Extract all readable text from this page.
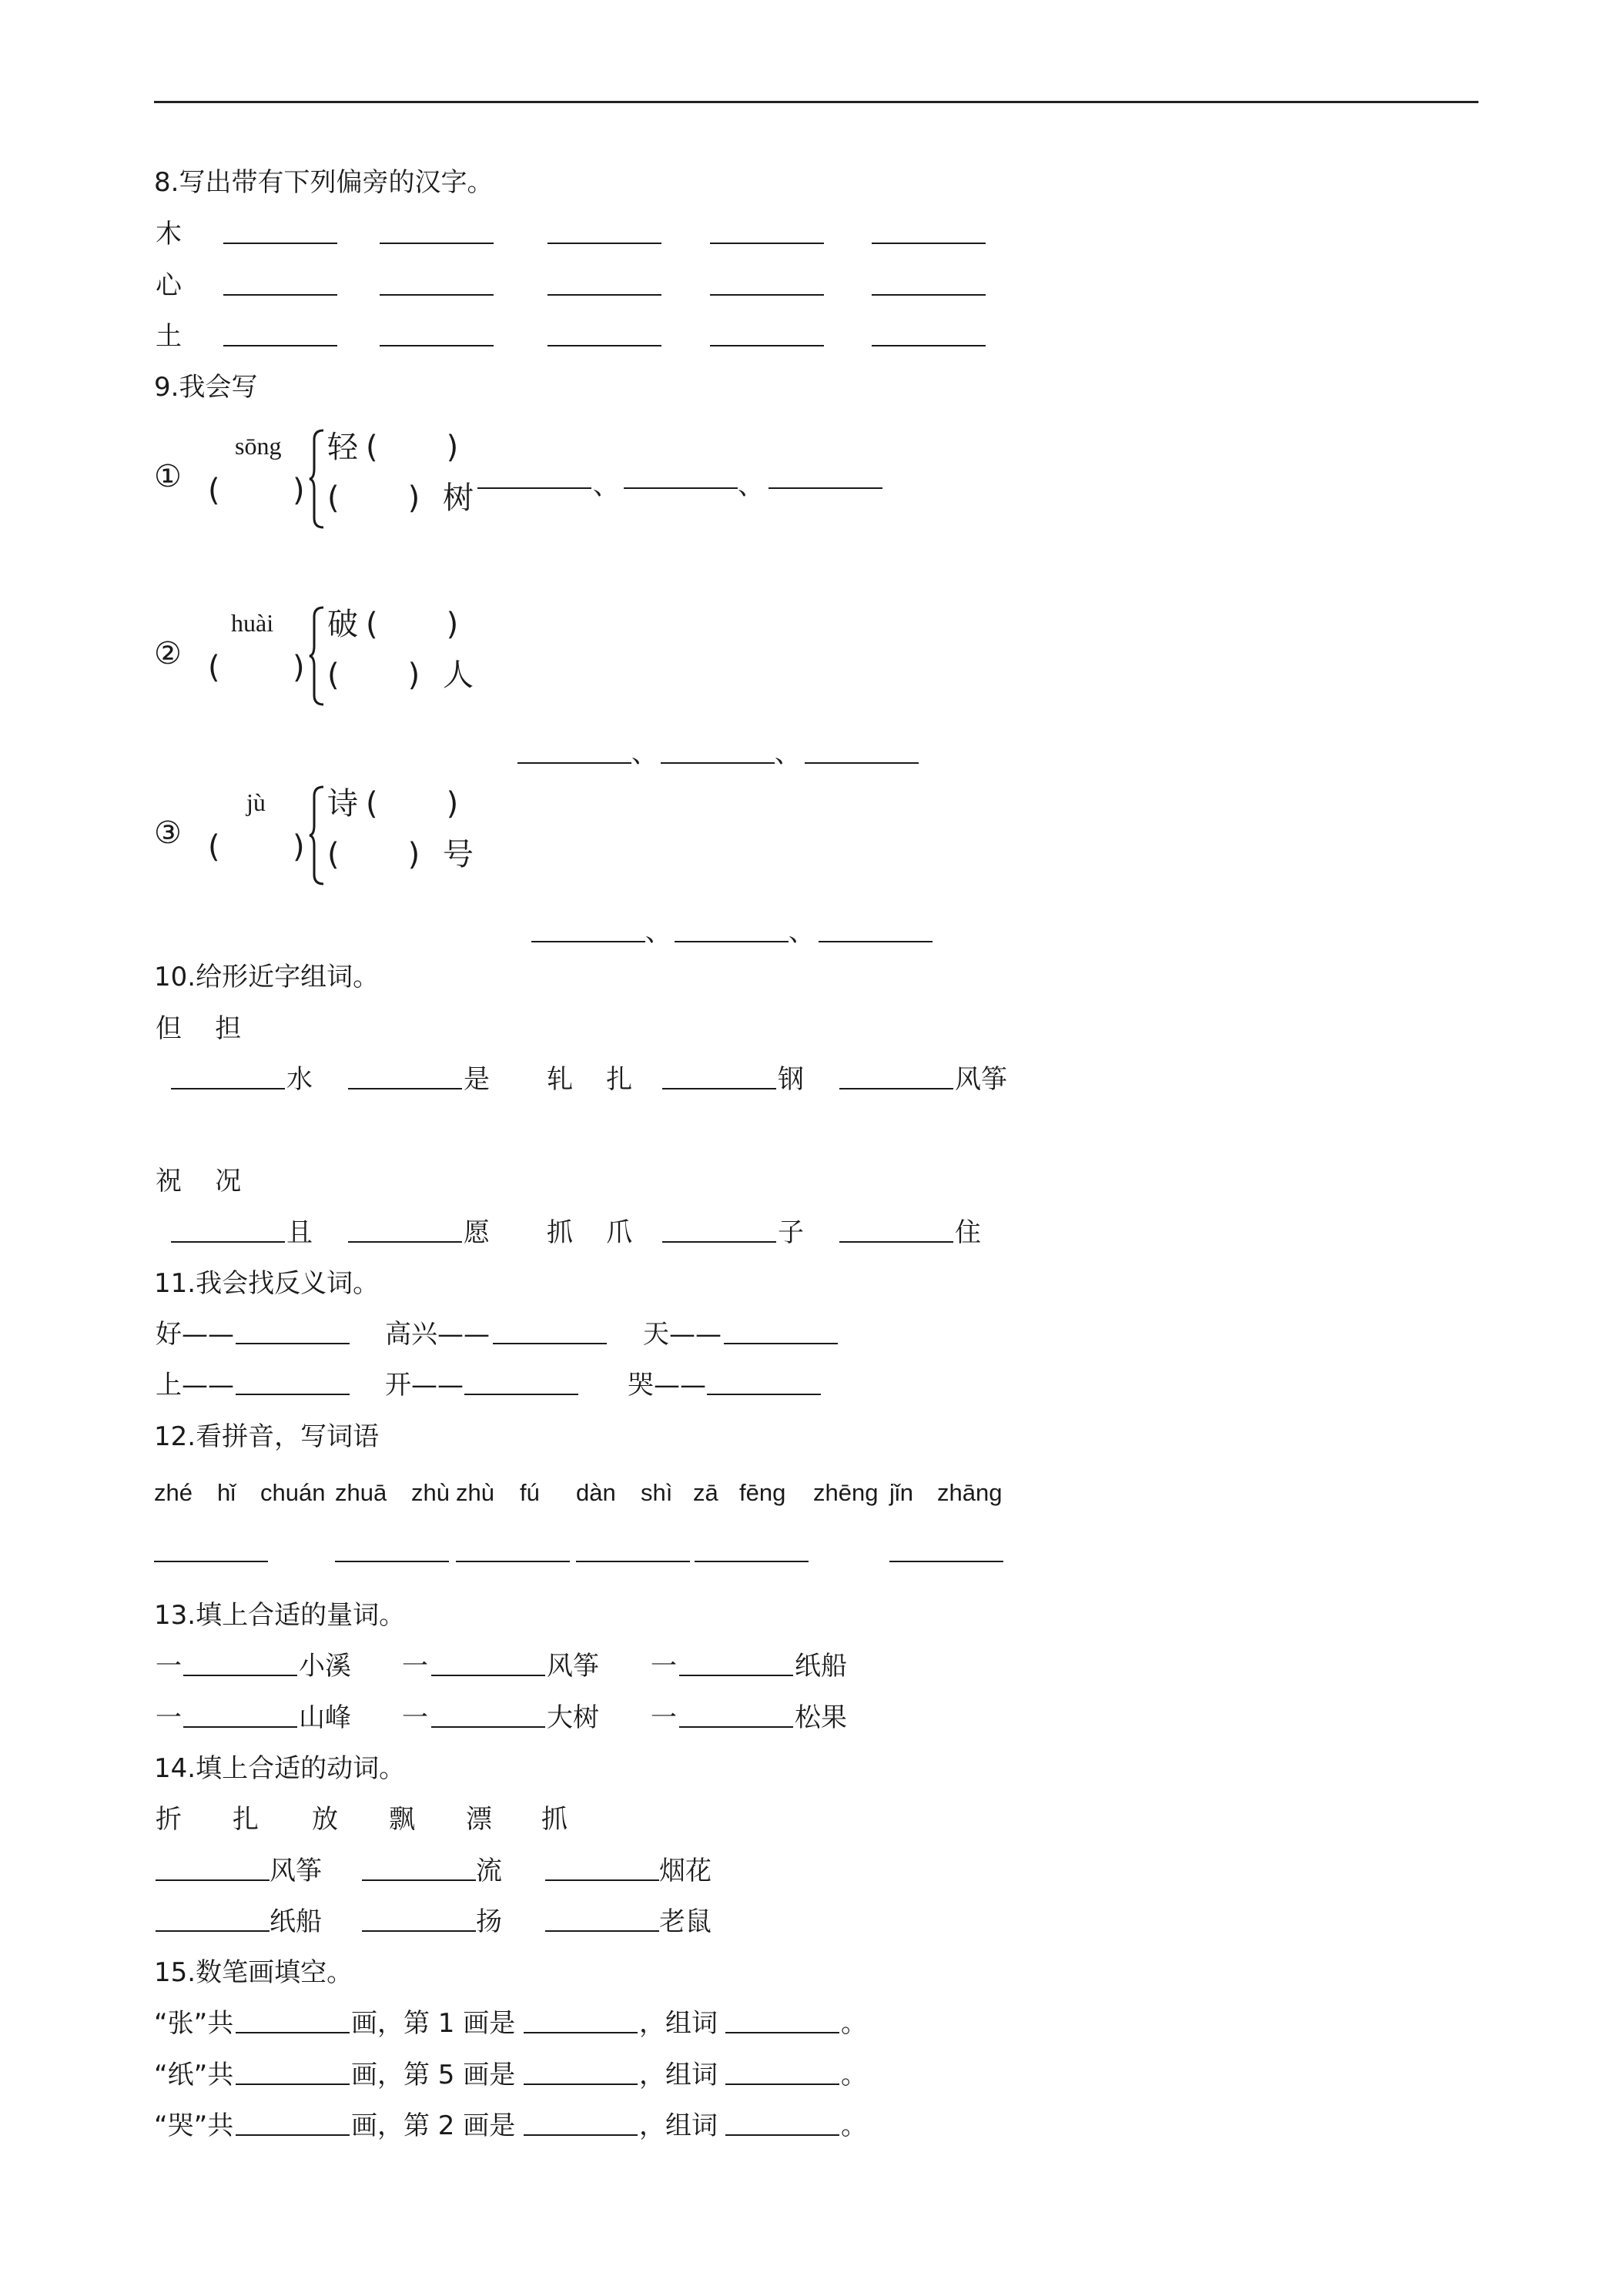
8.写出带有下列偏旁的汉字。
木
心
土
9.我会写
①
sōng
( )
轻 (       )
(       ) 树	、	、
②
huài
( )
破 (       )
(       ) 人
、	、
③
jù
( )
诗 (       )
(       ) 号
、	、
10.给形近字组词。
但    担
水	是 轧    扎	钢	风筝
祝    况
且	愿 抓    爪	子	住
11.我会找反义词。
好——	高兴——	天——
上——	开——	哭——
12.看拼音，写词语
zhé hǐ chuán zhuā zhù zhù fú dàn shì zā fēng zhēng jǐn zhāng
13.填上合适的量词。
一	小溪 一	风筝 一	纸船
一	山峰 一	大树 一	松果
14.填上合适的动词。
折 扎 放 飘 漂 抓
风筝	流	烟花
纸船	扬	老鼠
15.数笔画填空。
“张”共	画，第 1 画是	，组词	。
“纸”共	画，第 5 画是	，组词	。
“哭”共	画，第 2 画是	，组词	。
